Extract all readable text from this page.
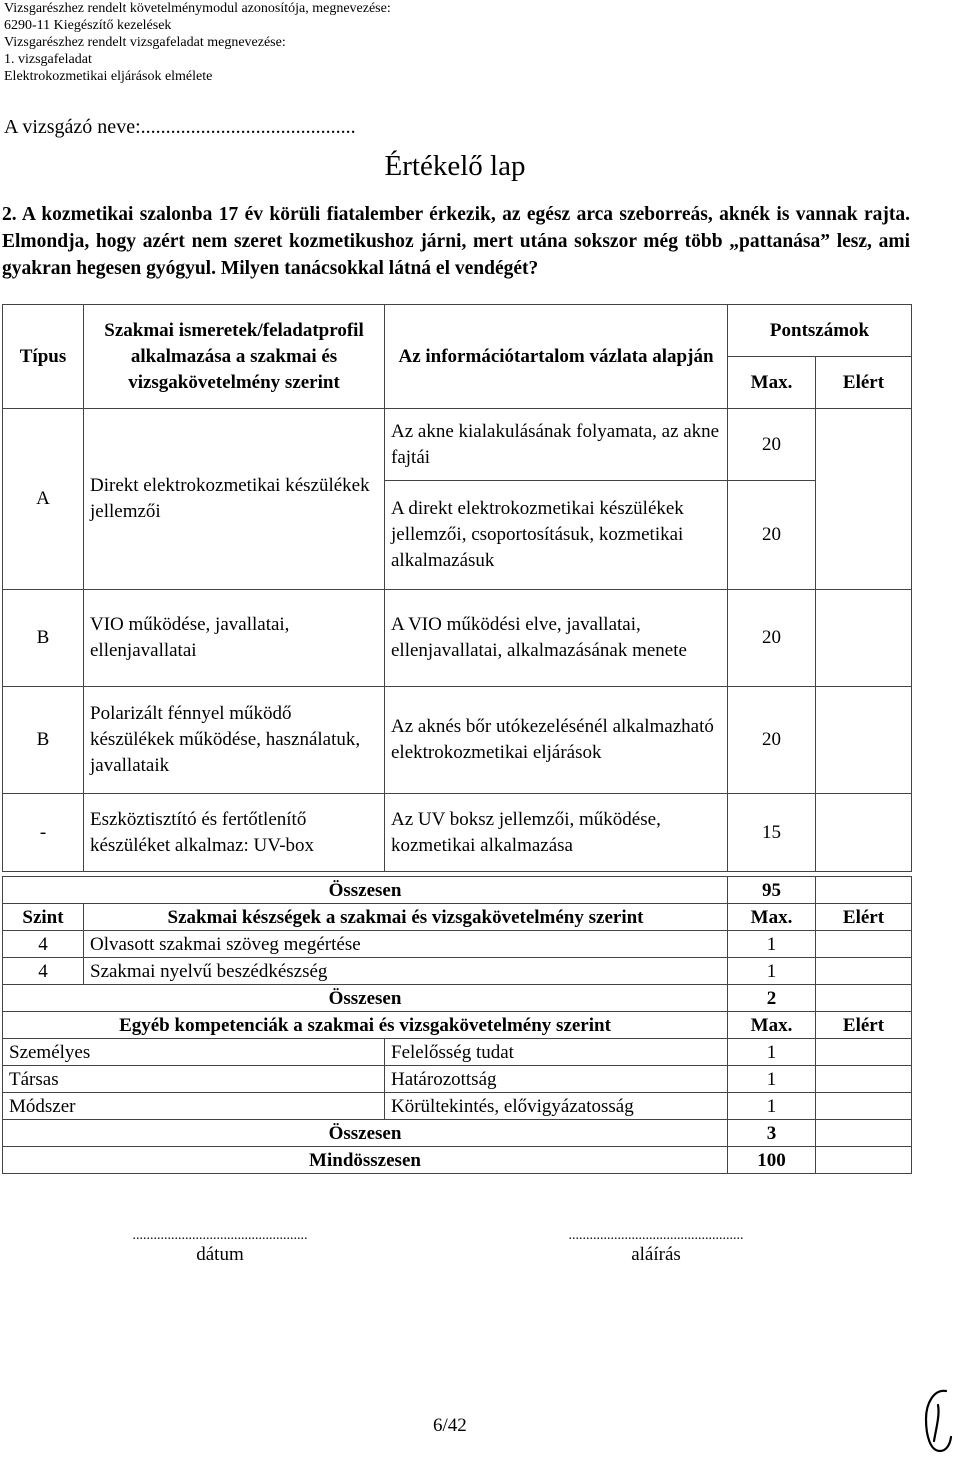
Vizsgarészhez rendelt követelménymodul azonosítója, megnevezése:
6290-11 Kiegészítő kezelések
Vizsgarészhez rendelt vizsgafeladat megnevezése:
1. vizsgafeladat
Elektrokozmetikai eljárások elmélete
A vizsgázó neve:...........................................
Értékelő lap
2. A kozmetikai szalonba 17 év körüli fiatalember érkezik, az egész arca szeborreás, aknék is vannak rajta. Elmondja, hogy azért nem szeret kozmetikushoz járni, mert utána sokszor még több „pattanása” lesz, ami gyakran hegesen gyógyul. Milyen tanácsokkal látná el vendégét?
Típus	Szakmai ismeretek/feladatprofil alkalmazása a szakmai és vizsgakövetelmény szerint	Az információtartalom vázlata alapján	Pontszámok	
			Max.	Elért
A	Direkt elektrokozmetikai készülékek jellemzői	Az akne kialakulásának folyamata, az akne fajtái	20	
		A direkt elektrokozmetikai készülékek jellemzői, csoportosításuk, kozmetikai alkalmazásuk	20	
B	VIO működése, javallatai, ellenjavallatai	A VIO működési elve, javallatai, ellenjavallatai, alkalmazásának menete	20	
B	Polarizált fénnyel működő készülékek működése, használatuk, javallataik	Az aknés bőr utókezelésénél alkalmazható elektrokozmetikai eljárások	20	
-	Eszköztisztító és fertőtlenítő készüléket alkalmaz: UV-box	Az UV boksz jellemzői, működése, kozmetikai alkalmazása	15	
Összesen			95	
Szint	Szakmai készségek a szakmai és vizsgakövetelmény szerint		Max.	Elért
4	Olvasott szakmai szöveg megértése		1	
4	Szakmai nyelvű beszédkészség		1	
Összesen			2	
Egyéb kompetenciák a szakmai és vizsgakövetelmény szerint			Max.	Elért
Személyes		Felelősség tudat	1	
Társas		Határozottság	1	
Módszer		Körültekintés, elővigyázatosság	1	
Összesen			3	
Mindösszesen			100	
..................................................
dátum
..................................................
aláírás
6/42
